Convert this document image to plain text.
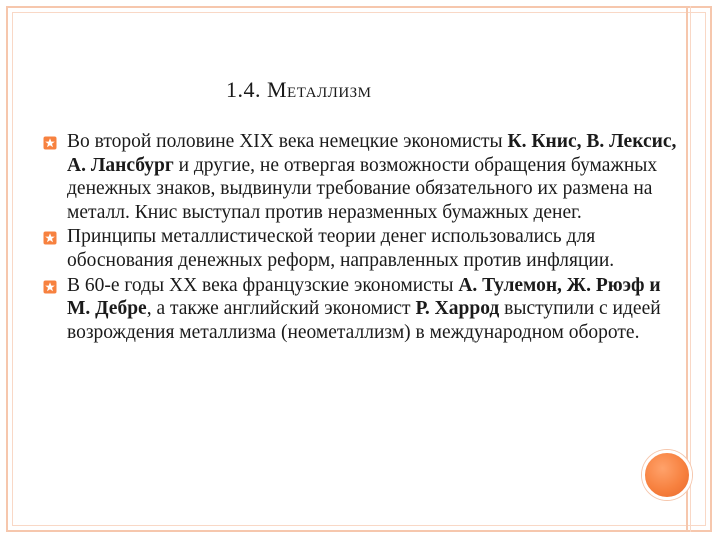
1.4. Металлизм
Во второй половине XIX века немецкие экономисты К. Книс, В. Лексис, А. Лансбург и другие, не отвергая возможности обращения бумажных денежных знаков, выдвинули требование обязательного их размена на металл. Книс выступал против неразменных бумажных денег.
Принципы металлистической теории денег использовались для обоснования денежных реформ, направленных против инфляции.
В 60-е годы XX века французские экономисты А. Тулемон, Ж. Рюэф и М. Дебре, а также английский экономист Р. Харрод выступили с идеей возрождения металлизма (неометаллизм) в международном обороте.
